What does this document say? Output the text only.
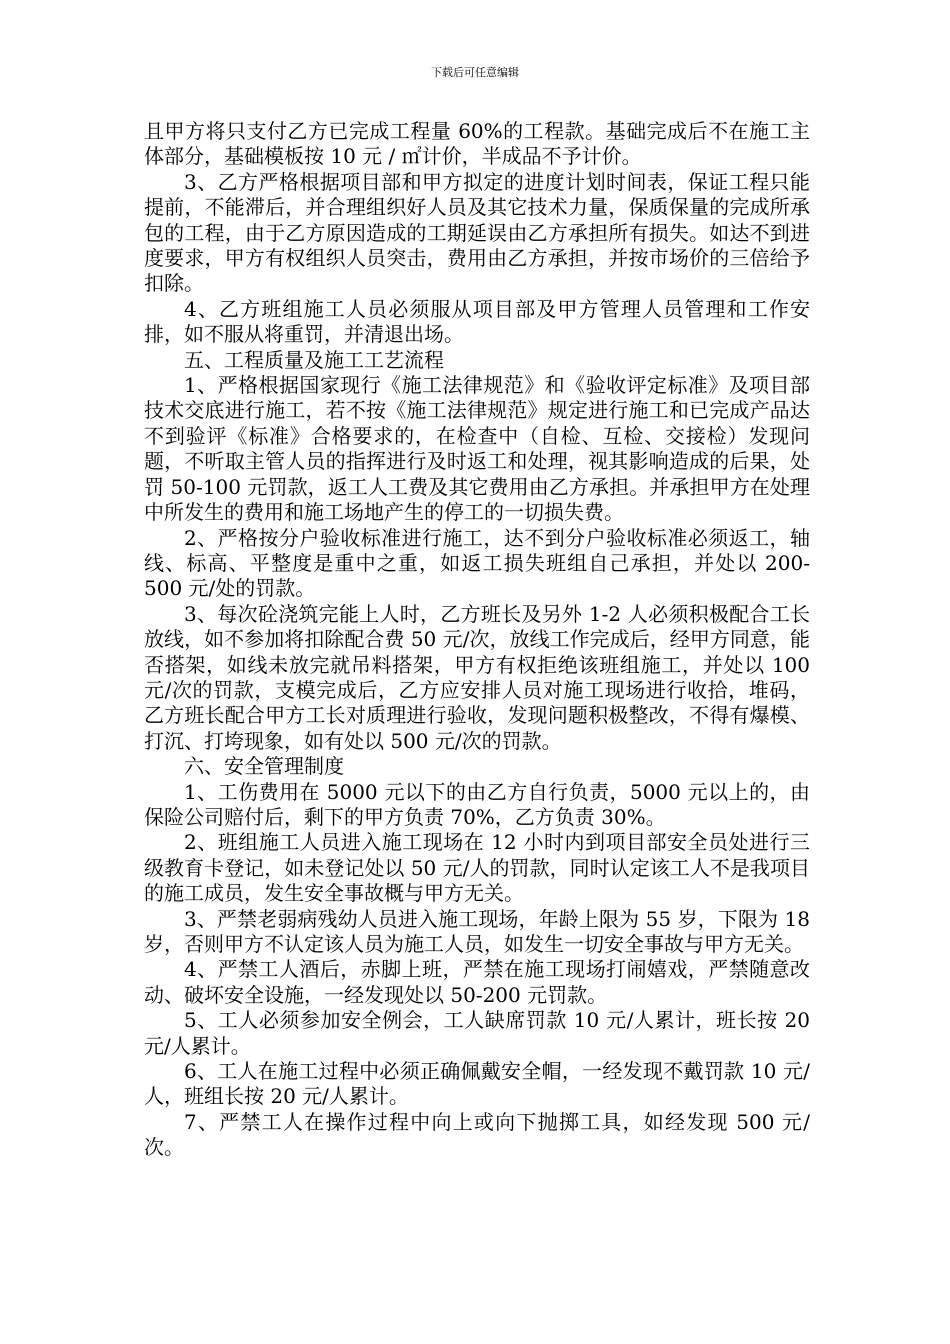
下载后可任意编辑

且甲方将只支付乙方已完成工程量 60%的工程款。基础完成后不在施工主体部分，基础模板按 10 元 / ㎡计价，半成品不予计价。

3、乙方严格根据项目部和甲方拟定的进度计划时间表，保证工程只能提前，不能滞后，并合理组织好人员及其它技术力量，保质保量的完成所承包的工程，由于乙方原因造成的工期延误由乙方承担所有损失。如达不到进度要求，甲方有权组织人员突击，费用由乙方承担，并按市场价的三倍给予扣除。

4、乙方班组施工人员必须服从项目部及甲方管理人员管理和工作安排，如不服从将重罚，并清退出场。

五、工程质量及施工工艺流程

1、严格根据国家现行《施工法律规范》和《验收评定标准》及项目部技术交底进行施工，若不按《施工法律规范》规定进行施工和已完成产品达不到验评《标准》合格要求的，在检查中（自检、互检、交接检）发现问题，不听取主管人员的指挥进行及时返工和处理，视其影响造成的后果，处罚 50-100 元罚款，返工人工费及其它费用由乙方承担。并承担甲方在处理中所发生的费用和施工场地产生的停工的一切损失费。

2、严格按分户验收标准进行施工，达不到分户验收标准必须返工，轴线、标高、平整度是重中之重，如返工损失班组自己承担，并处以 200-500 元/处的罚款。

3、每次砼浇筑完能上人时，乙方班长及另外 1-2 人必须积极配合工长放线，如不参加将扣除配合费 50 元/次，放线工作完成后，经甲方同意，能否搭架，如线未放完就吊料搭架，甲方有权拒绝该班组施工，并处以 100 元/次的罚款，支模完成后，乙方应安排人员对施工现场进行收拾，堆码，乙方班长配合甲方工长对质理进行验收，发现问题积极整改，不得有爆模、打沉、打垮现象，如有处以 500 元/次的罚款。

六、安全管理制度

1、工伤费用在 5000 元以下的由乙方自行负责，5000 元以上的，由保险公司赔付后，剩下的甲方负责 70%，乙方负责 30%。

2、班组施工人员进入施工现场在 12 小时内到项目部安全员处进行三级教育卡登记，如未登记处以 50 元/人的罚款，同时认定该工人不是我项目的施工成员，发生安全事故概与甲方无关。

3、严禁老弱病残幼人员进入施工现场，年龄上限为 55 岁，下限为 18 岁，否则甲方不认定该人员为施工人员，如发生一切安全事故与甲方无关。

4、严禁工人酒后，赤脚上班，严禁在施工现场打闹嬉戏，严禁随意改动、破坏安全设施，一经发现处以 50-200 元罚款。

5、工人必须参加安全例会，工人缺席罚款 10 元/人累计，班长按 20 元/人累计。

6、工人在施工过程中必须正确佩戴安全帽，一经发现不戴罚款 10 元/人，班组长按 20 元/人累计。

7、严禁工人在操作过程中向上或向下抛掷工具，如经发现 500 元/次。
